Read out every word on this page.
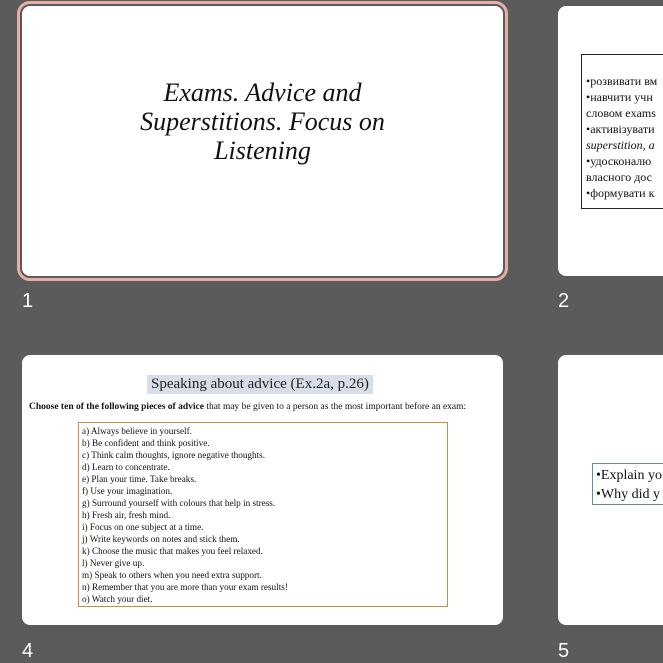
Exams. Advice and Superstitions. Focus on Listening
1
•розвивати вм
•навчити учн
словом exams
•активізувати
superstition, a
•удосконалю
власного дос
•формувати к
2
Speaking about advice (Ex.2a, p.26)
Choose ten of the following pieces of advice that may be given to a person as the most important before an exam:
a) Always believe in yourself.
b) Be confident and think positive.
c) Think calm thoughts, ignore negative thoughts.
d) Learn to concentrate.
e) Plan your time. Take breaks.
f) Use your imagination.
g) Surround yourself with colours that help in stress.
h) Fresh air, fresh mind.
i) Focus on one subject at a time.
j) Write keywords on notes and stick them.
k) Choose the music that makes you feel relaxed.
l) Never give up.
m) Speak to others when you need extra support.
n) Remember that you are more than your exam results!
o) Watch your diet.
4
•Explain yo
•Why did y
5
